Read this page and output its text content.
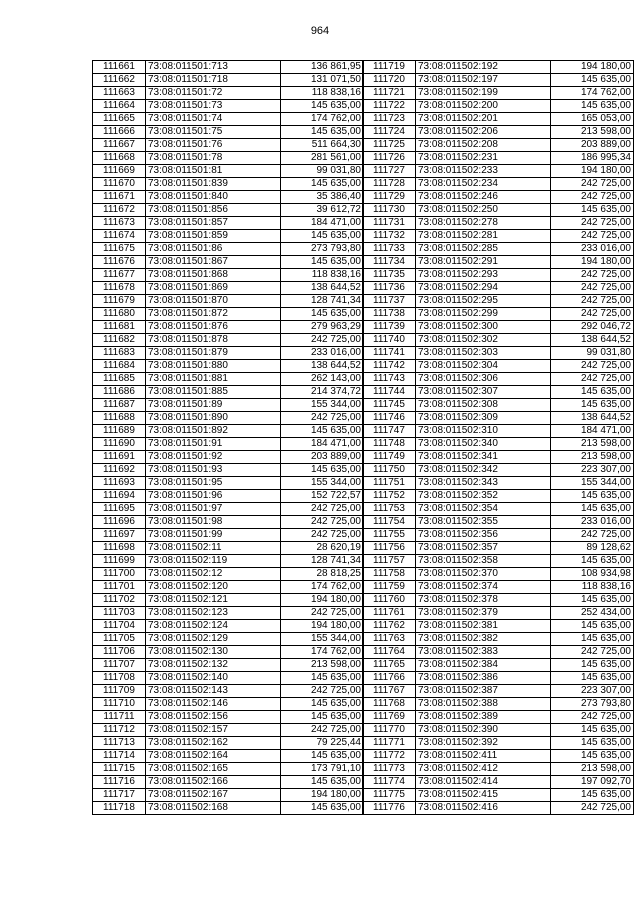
964
111661	73:08:011501:713	136 861,95
111662	73:08:011501:718	131 071,50
111663	73:08:011501:72	118 838,16
111664	73:08:011501:73	145 635,00
111665	73:08:011501:74	174 762,00
111666	73:08:011501:75	145 635,00
111667	73:08:011501:76	511 664,30
111668	73:08:011501:78	281 561,00
111669	73:08:011501:81	99 031,80
111670	73:08:011501:839	145 635,00
111671	73:08:011501:840	35 386,40
111672	73:08:011501:856	39 612,72
111673	73:08:011501:857	184 471,00
111674	73:08:011501:859	145 635,00
111675	73:08:011501:86	273 793,80
111676	73:08:011501:867	145 635,00
111677	73:08:011501:868	118 838,16
111678	73:08:011501:869	138 644,52
111679	73:08:011501:870	128 741,34
111680	73:08:011501:872	145 635,00
111681	73:08:011501:876	279 963,29
111682	73:08:011501:878	242 725,00
111683	73:08:011501:879	233 016,00
111684	73:08:011501:880	138 644,52
111685	73:08:011501:881	262 143,00
111686	73:08:011501:885	214 374,72
111687	73:08:011501:89	155 344,00
111688	73:08:011501:890	242 725,00
111689	73:08:011501:892	145 635,00
111690	73:08:011501:91	184 471,00
111691	73:08:011501:92	203 889,00
111692	73:08:011501:93	145 635,00
111693	73:08:011501:95	155 344,00
111694	73:08:011501:96	152 722,57
111695	73:08:011501:97	242 725,00
111696	73:08:011501:98	242 725,00
111697	73:08:011501:99	242 725,00
111698	73:08:011502:11	28 620,19
111699	73:08:011502:119	128 741,34
111700	73:08:011502:12	28 818,25
111701	73:08:011502:120	174 762,00
111702	73:08:011502:121	194 180,00
111703	73:08:011502:123	242 725,00
111704	73:08:011502:124	194 180,00
111705	73:08:011502:129	155 344,00
111706	73:08:011502:130	174 762,00
111707	73:08:011502:132	213 598,00
111708	73:08:011502:140	145 635,00
111709	73:08:011502:143	242 725,00
111710	73:08:011502:146	145 635,00
111711	73:08:011502:156	145 635,00
111712	73:08:011502:157	242 725,00
111713	73:08:011502:162	79 225,44
111714	73:08:011502:164	145 635,00
111715	73:08:011502:165	173 791,10
111716	73:08:011502:166	145 635,00
111717	73:08:011502:167	194 180,00
111718	73:08:011502:168	145 635,00
111719	73:08:011502:192	194 180,00
111720	73:08:011502:197	145 635,00
111721	73:08:011502:199	174 762,00
111722	73:08:011502:200	145 635,00
111723	73:08:011502:201	165 053,00
111724	73:08:011502:206	213 598,00
111725	73:08:011502:208	203 889,00
111726	73:08:011502:231	186 995,34
111727	73:08:011502:233	194 180,00
111728	73:08:011502:234	242 725,00
111729	73:08:011502:246	242 725,00
111730	73:08:011502:250	145 635,00
111731	73:08:011502:278	242 725,00
111732	73:08:011502:281	242 725,00
111733	73:08:011502:285	233 016,00
111734	73:08:011502:291	194 180,00
111735	73:08:011502:293	242 725,00
111736	73:08:011502:294	242 725,00
111737	73:08:011502:295	242 725,00
111738	73:08:011502:299	242 725,00
111739	73:08:011502:300	292 046,72
111740	73:08:011502:302	138 644,52
111741	73:08:011502:303	99 031,80
111742	73:08:011502:304	242 725,00
111743	73:08:011502:306	242 725,00
111744	73:08:011502:307	145 635,00
111745	73:08:011502:308	145 635,00
111746	73:08:011502:309	138 644,52
111747	73:08:011502:310	184 471,00
111748	73:08:011502:340	213 598,00
111749	73:08:011502:341	213 598,00
111750	73:08:011502:342	223 307,00
111751	73:08:011502:343	155 344,00
111752	73:08:011502:352	145 635,00
111753	73:08:011502:354	145 635,00
111754	73:08:011502:355	233 016,00
111755	73:08:011502:356	242 725,00
111756	73:08:011502:357	89 128,62
111757	73:08:011502:358	145 635,00
111758	73:08:011502:370	108 934,98
111759	73:08:011502:374	118 838,16
111760	73:08:011502:378	145 635,00
111761	73:08:011502:379	252 434,00
111762	73:08:011502:381	145 635,00
111763	73:08:011502:382	145 635,00
111764	73:08:011502:383	242 725,00
111765	73:08:011502:384	145 635,00
111766	73:08:011502:386	145 635,00
111767	73:08:011502:387	223 307,00
111768	73:08:011502:388	273 793,80
111769	73:08:011502:389	242 725,00
111770	73:08:011502:390	145 635,00
111771	73:08:011502:392	145 635,00
111772	73:08:011502:411	145 635,00
111773	73:08:011502:412	213 598,00
111774	73:08:011502:414	197 092,70
111775	73:08:011502:415	145 635,00
111776	73:08:011502:416	242 725,00
